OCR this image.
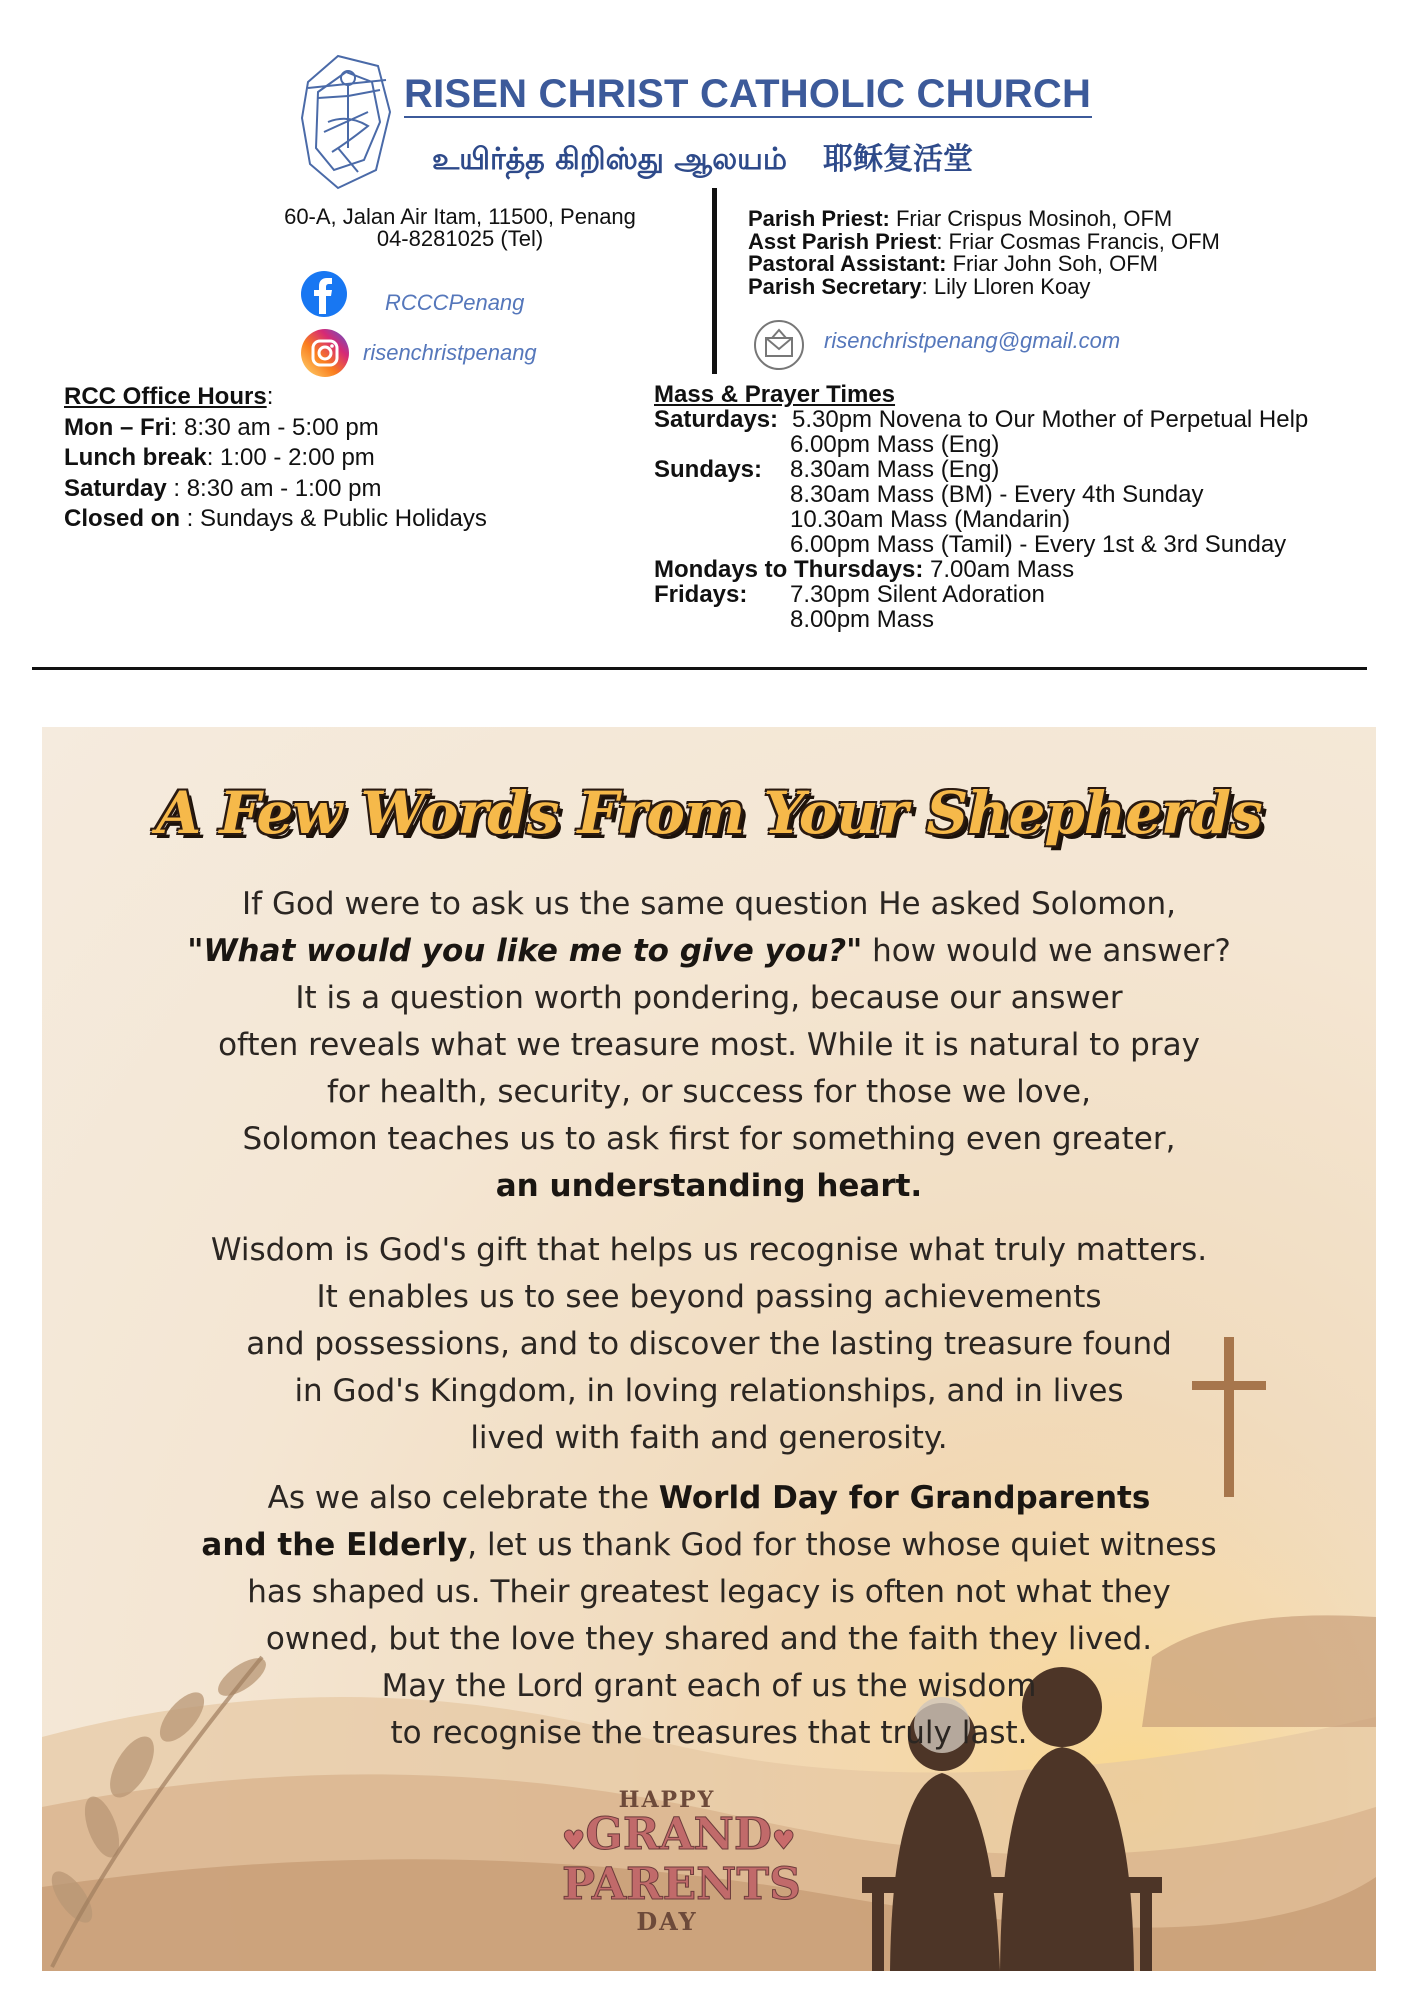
RISEN CHRIST CATHOLIC CHURCH
உயிர்த்த கிறிஸ்து ஆலயம் 耶稣复活堂
60-A, Jalan Air Itam, 11500, Penang
04-8281025 (Tel)
RCCCPenang
risenchristpenang
Parish Priest: Friar Crispus Mosinoh, OFM
Asst Parish Priest: Friar Cosmas Francis, OFM
Pastoral Assistant: Friar John Soh, OFM
Parish Secretary: Lily Lloren Koay
risenchristpenang@gmail.com
RCC Office Hours:
Mon – Fri: 8:30 am - 5:00 pm
Lunch break: 1:00 - 2:00 pm
Saturday : 8:30 am - 1:00 pm
Closed on : Sundays & Public Holidays
Mass & Prayer Times
Saturdays: 5.30pm Novena to Our Mother of Perpetual Help
6.00pm Mass (Eng)
Sundays: 8.30am Mass (Eng)
8.30am Mass (BM) - Every 4th Sunday
10.30am Mass (Mandarin)
6.00pm Mass (Tamil) - Every 1st & 3rd Sunday
Mondays to Thursdays: 7.00am Mass
Fridays: 7.30pm Silent Adoration
8.00pm Mass
A Few Words From Your Shepherds
If God were to ask us the same question He asked Solomon,
"What would you like me to give you?" how would we answer?
It is a question worth pondering, because our answer
often reveals what we treasure most. While it is natural to pray
for health, security, or success for those we love,
Solomon teaches us to ask first for something even greater,
an understanding heart.
Wisdom is God's gift that helps us recognise what truly matters.
It enables us to see beyond passing achievements
and possessions, and to discover the lasting treasure found
in God's Kingdom, in loving relationships, and in lives
lived with faith and generosity.
As we also celebrate the World Day for Grandparents
and the Elderly, let us thank God for those whose quiet witness
has shaped us. Their greatest legacy is often not what they
owned, but the love they shared and the faith they lived.
May the Lord grant each of us the wisdom
to recognise the treasures that truly last.
HAPPY
♥GRAND♥
PARENTS
DAY
